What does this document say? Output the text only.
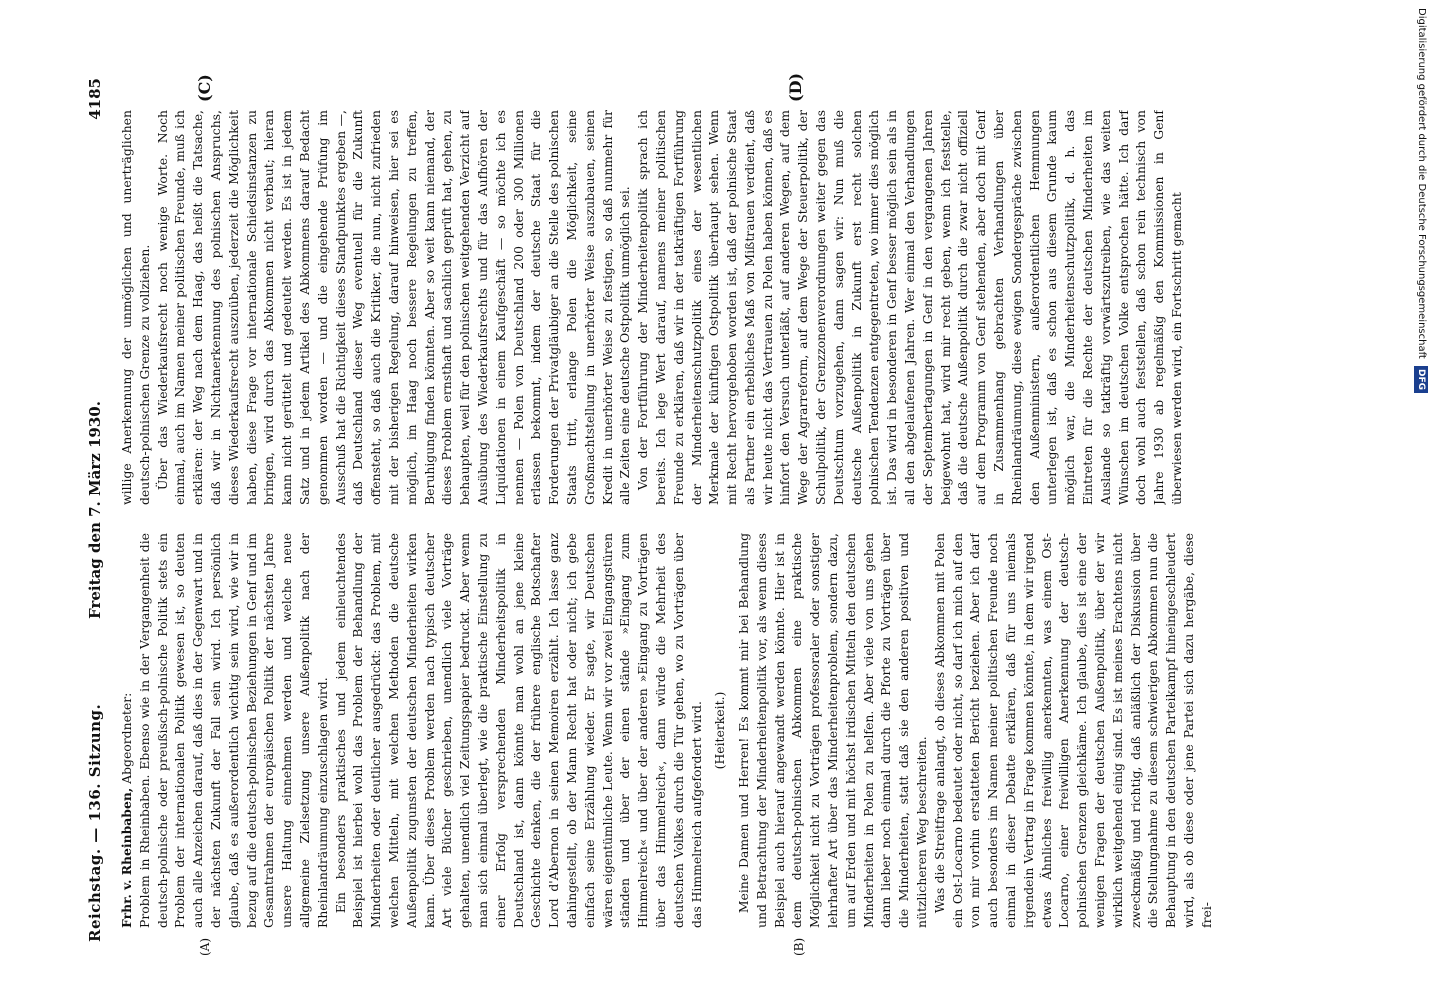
Reichstag. — 136. Sitzung.
Freitag den 7. März 1930.
4185
(A)	(B)
(C)	(D)

Frhr. v. Rheinbaben, Abgeordneter: Problem in Rheinbaben. Ebenso wie in der Vergangenheit die deutsch-polnische oder preußisch-polnische Politik stets ein Problem der internationalen Politik gewesen ist, so deuten auch alle Anzeichen darauf, daß dies in der Gegenwart und in der nächsten Zukunft der Fall sein wird. Ich persönlich glaube, daß es außerordentlich wichtig sein wird, wie wir in bezug auf die deutsch-polnischen Beziehungen in Genf und im Gesamtrahmen der europäischen Politik der nächsten Jahre unsere Haltung einnehmen werden und welche neue allgemeine Zielsetzung unsere Außenpolitik nach der Rheinlandräumung einzuschlagen wird. Ein besonders praktisches und jedem einleuchtendes Beispiel ist hierbei wohl das Problem der Behandlung der Minderheiten oder deutlicher ausgedrückt: das Problem, mit welchen Mitteln, mit welchen Methoden die deutsche Außenpolitik zugunsten der deutschen Minderheiten wirken kann. Über dieses Problem werden nach typisch deutscher Art viele Bücher geschrieben, unendlich viele Vorträge gehalten, unendlich viel Zeitungspapier bedruckt. Aber wenn man sich einmal überlegt, wie die praktische Einstellung zu einer Erfolg versprechenden Minderheitspolitik in Deutschland ist, dann könnte man wohl an jene kleine Geschichte denken, die der frühere englische Botschafter Lord d'Abernon in seinen Memoiren erzählt. Ich lasse ganz dahingestellt, ob der Mann Recht hat oder nicht; ich gebe einfach seine Erzählung wieder. Er sagte, wir Deutschen wären eigentümliche Leute. Wenn wir vor zwei Eingangstüren ständen und über der einen stände »Eingang zum Himmelreich« und über der anderen »Eingang zu Vorträgen über das Himmelreich«, dann würde die Mehrheit des deutschen Volkes durch die Tür gehen, wo zu Vorträgen über das Himmelreich aufgefordert wird. (Heiterkeit.) Meine Damen und Herren! Es kommt mir bei Behandlung und Betrachtung der Minderheitenpolitik vor, als wenn dieses Beispiel auch hierauf angewandt werden könnte. Hier ist in dem deutsch-polnischen Abkommen eine praktische Möglichkeit nicht zu Vorträgen professoraler oder sonstiger lehrhafter Art über das Minderheitenproblem, sondern dazu, um auf Erden und mit höchst irdischen Mitteln den deutschen Minderheiten in Polen zu helfen. Aber viele von uns gehen dann lieber noch einmal durch die Pforte zu Vorträgen über die Minderheiten, statt daß sie den anderen positiven und nützlicheren Weg beschreiten. Was die Streitfrage anlangt, ob dieses Abkommen mit Polen ein Ost-Locarno bedeutet oder nicht, so darf ich mich auf den von mir vorhin erstatteten Bericht beziehen. Aber ich darf auch besonders im Namen meiner politischen Freunde noch einmal in dieser Debatte erklären, daß für uns niemals irgendein Vertrag in Frage kommen könnte, in dem wir irgend etwas Ähnliches freiwillig anerkennten, was einem Ost-Locarno, einer freiwilligen Anerkennung der deutsch-polnischen Grenzen gleichkäme. Ich glaube, dies ist eine der wenigen Fragen der deutschen Außenpolitik, über der wir wirklich weitgehend einig sind. Es ist meines Erachtens nicht zweckmäßig und richtig, daß anläßlich der Diskussion über die Stellungnahme zu diesem schwierigen Abkommen nun die Behauptung in den deutschen Parteikampf hineingeschleudert wird, als ob diese oder jene Partei sich dazu hergäbe, diese frei-

willige Anerkennung der unmöglichen und unerträglichen deutsch-polnischen Grenze zu vollziehen. Über das Wiederkaufsrecht noch wenige Worte. Noch einmal, auch im Namen meiner politischen Freunde, muß ich erklären: der Weg nach dem Haag, das heißt die Tatsache, daß wir in Nichtanerkennung des polnischen Anspruchs, dieses Wiederkaufsrecht auszuüben, jederzeit die Möglichkeit haben, diese Frage vor internationale Schiedsinstanzen zu bringen, wird durch das Abkommen nicht verbaut; hieran kann nicht gerüttelt und gedeutelt werden. Es ist in jedem Satz und in jedem Artikel des Abkommens darauf Bedacht genommen worden — und die eingehende Prüfung im Ausschuß hat die Richtigkeit dieses Standpunktes ergeben —, daß Deutschland dieser Weg eventuell für die Zukunft offensteht, so daß auch die Kritiker, die nun, nicht zufrieden mit der bisherigen Regelung, darauf hinweisen, hier sei es möglich, im Haag noch bessere Regelungen zu treffen, Beruhigung finden könnten. Aber so weit kann niemand, der dieses Problem ernsthaft und sachlich geprüft hat, gehen, zu behaupten, weil für den polnischen weitgehenden Verzicht auf Ausübung des Wiederkaufsrechts und für das Aufhören der Liquidationen in einem Kaufgeschäft — so möchte ich es nennen — Polen von Deutschland 200 oder 300 Millionen erlassen bekommt, indem der deutsche Staat für die Forderungen der Privatgläubiger an die Stelle des polnischen Staats tritt, erlange Polen die Möglichkeit, seine Großmachtstellung in unerhörter Weise auszubauen, seinen Kredit in unerhörter Weise zu festigen, so daß nunmehr für alle Zeiten eine deutsche Ostpolitik unmöglich sei. Von der Fortführung der Minderheitenpolitik sprach ich bereits. Ich lege Wert darauf, namens meiner politischen Freunde zu erklären, daß wir in der tatkräftigen Fortführung der Minderheitenschutzpolitik eines der wesentlichen Merkmale der künftigen Ostpolitik überhaupt sehen. Wenn mit Recht hervorgehoben worden ist, daß der polnische Staat als Partner ein erhebliches Maß von Mißtrauen verdient, daß wir heute nicht das Vertrauen zu Polen haben können, daß es hinfort den Versuch unterläßt, auf anderen Wegen, auf dem Wege der Agrarreform, auf dem Wege der Steuerpolitik, der Schulpolitik, der Grenzzonenverordnungen weiter gegen das Deutschtum vorzugehen, dann sagen wir: Nun muß die deutsche Außenpolitik in Zukunft erst recht solchen polnischen Tendenzen entgegentreten, wo immer dies möglich ist. Das wird in besonderen in Genf besser möglich sein als in all den abgelaufenen Jahren. Wer einmal den Verhandlungen der Septembertagungen in Genf in den vergangenen Jahren beigewohnt hat, wird mir recht geben, wenn ich feststelle, daß die deutsche Außenpolitik durch die zwar nicht offiziell auf dem Programm von Genf stehenden, aber doch mit Genf in Zusammenhang gebrachten Verhandlungen über Rheinlandräumung, diese ewigen Sondergespräche zwischen den Außenministern, außerordentlichen Hemmungen unterlegen ist, daß es schon aus diesem Grunde kaum möglich war, die Minderheitenschutzpolitik, d. h. das Eintreten für die Rechte der deutschen Minderheiten im Auslande so tatkräftig vorwärtszutreiben, wie das weiten Wünschen im deutschen Volke entsprochen hätte. Ich darf doch wohl auch feststellen, daß schon rein technisch von Jahre 1930 ab regelmäßig den Kommissionen in Genf überwiesen werden wird, ein Fortschritt gemacht	Digitalisierung gefördert durch die Deutsche Forschungsgemeinschaft DFG
